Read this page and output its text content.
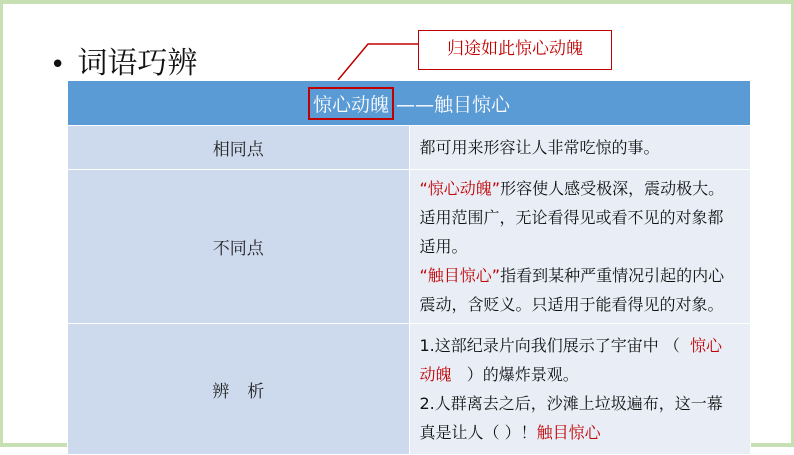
• 词语巧辨	归途如此惊心动魄
惊心动魄 ——触目惊心	
相同点	都可用来形容让人非常吃惊的事。
不同点	“惊心动魄”形容使人感受极深，震动极大。适用范围广，无论看得见或看不见的对象都适用。
“触目惊心”指看到某种严重情况引起的内心震动，含贬义。只适用于能看得见的对象。
辨析	1.这部纪录片向我们展示了宇宙中 （ 惊心动魄 ）的爆炸景观。
2.人群离去之后，沙滩上垃圾遍布，这一幕真是让人（ ）！触目惊心
